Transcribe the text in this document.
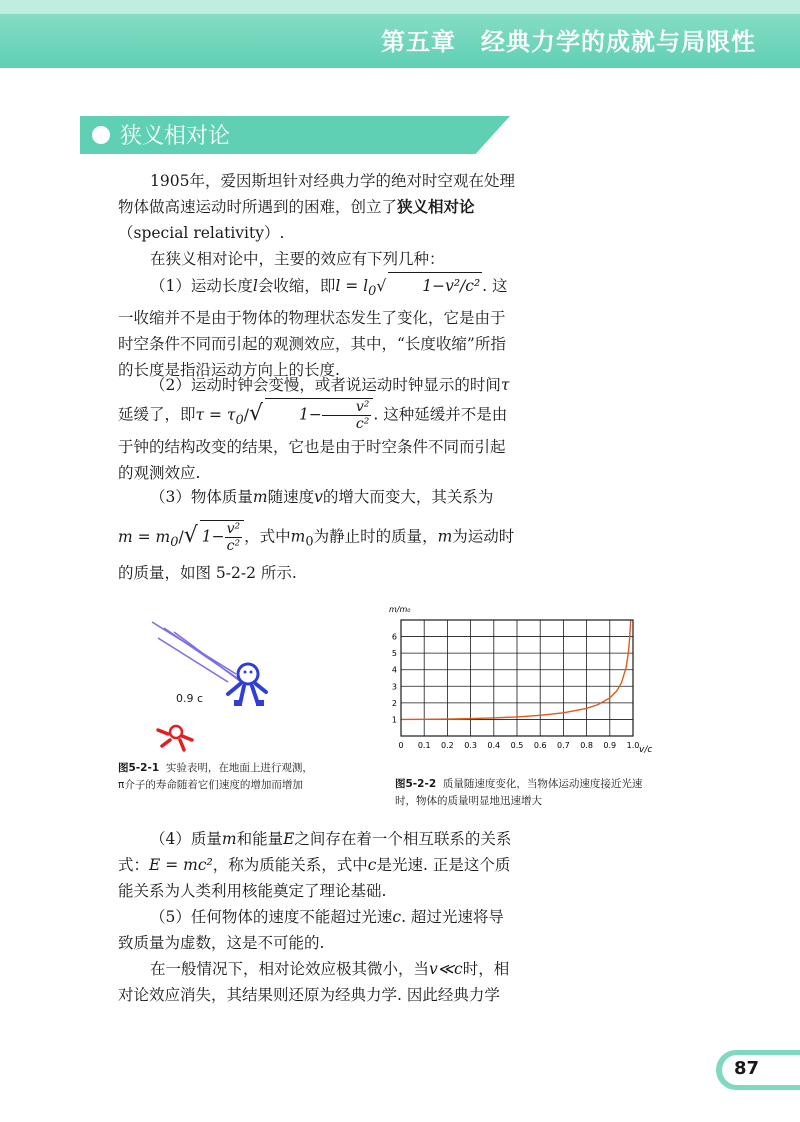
第五章　经典力学的成就与局限性
狭义相对论
1905年，爱因斯坦针对经典力学的绝对时空观在处理物体做高速运动时所遇到的困难，创立了狭义相对论（special relativity）.
在狭义相对论中，主要的效应有下列几种：
（1）运动长度l会收缩，即$l = l_0√$ 1−v²/c² . 这一收缩并不是由于物体的物理状态发生了变化，它是由于时空条件不同而引起的观测效应，其中，“长度收缩”所指的长度是指沿运动方向上的长度.
（2）运动时钟会变慢，或者说运动时钟显示的时间τ延缓了，即$\tau = \tau_0/√$ $1- \frac{\text{v²}}{\text{c²}}$ . 这种延缓并不是由于钟的结构改变的结果，它也是由于时空条件不同而引起的观测效应.
（3）物体质量m随速度v的增大而变大，其关系为
$m = m_0/√$ $1- \frac{\text{v²}}{\text{c²}}$ ，式中$m_0$为静止时的质量，m为运动时的质量，如图 5-2-2 所示.
0.9 c
图5-2-1 实验表明，在地面上进行观测，π介子的寿命随着它们速度的增加而增加
m/m₀
v/c
0 0.1 0.2 0.3 0.4 0.5 0.6 0.7 0.8 0.9 1.0
1
2
3
4
5
6
图5-2-2 质量随速度变化，当物体运动速度接近光速时，物体的质量明显地迅速增大
（4）质量m和能量E之间存在着一个相互联系的关系式：E = mc²，称为质能关系，式中c是光速. 正是这个质能关系为人类利用核能奠定了理论基础.
（5）任何物体的速度不能超过光速c. 超过光速将导致质量为虚数，这是不可能的.
在一般情况下，相对论效应极其微小，当v≪c时，相对论效应消失，其结果则还原为经典力学. 因此经典力学
87
